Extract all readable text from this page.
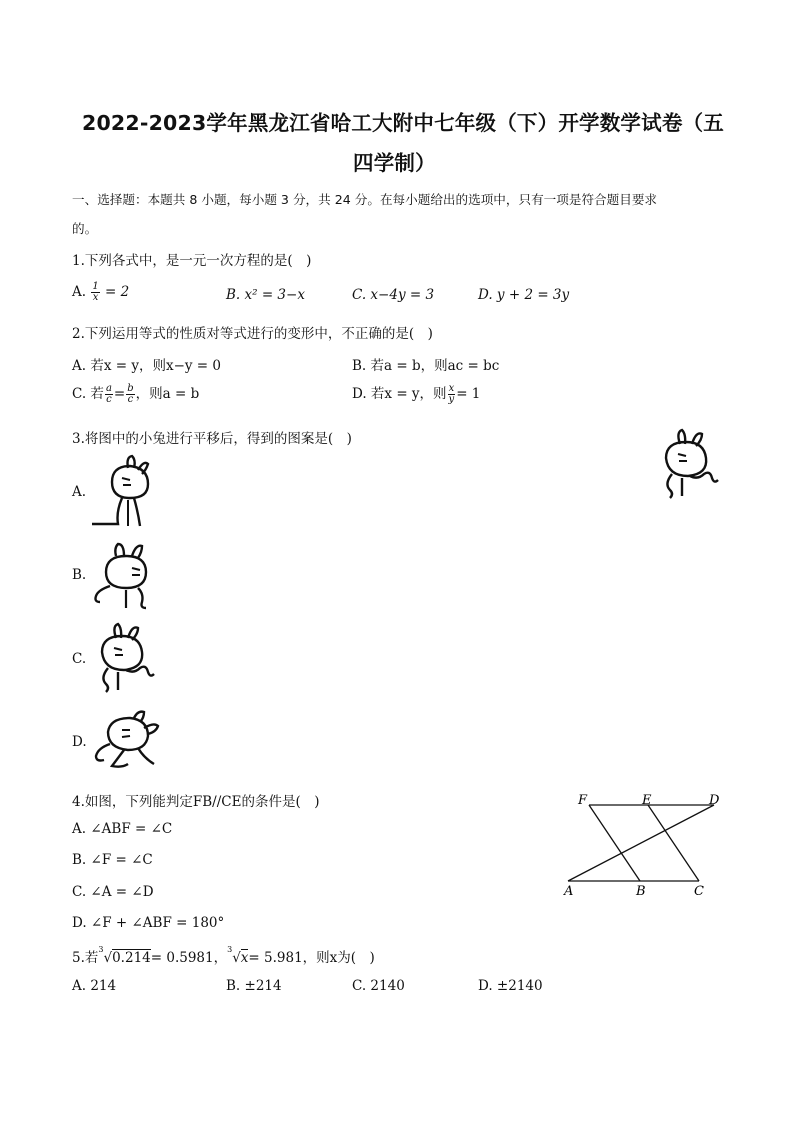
2022-2023学年黑龙江省哈工大附中七年级（下）开学数学试卷（五
四学制）
一、选择题：本题共 8 小题，每小题 3 分，共 24 分。在每小题给出的选项中，只有一项是符合题目要求
的。
1.下列各式中，是一元一次方程的是(　)
A. $\frac{1}{x} = 2$	B. x² = 3−x	C. x−4y = 3	D. y + 2 = 3y
2.下列运用等式的性质对等式进行的变形中，不正确的是(　)
A. 若x = y，则x−y = 0	B. 若a = b，则ac = bc
C. 若 $\frac{a}{c} = \frac{b}{c}$ ，则a = b	D. 若x = y，则 $\frac{x}{y} = 1$
3.将图中的小兔进行平移后，得到的图案是(　)
A.
B.
C.
D.
4.如图，下列能判定FB//CE的条件是(　)
A. ∠ABF = ∠C
B. ∠F = ∠C
C. ∠A = ∠D
D. ∠F + ∠ABF = 180°
F	E	D
A	B	C
5.若$^3$√0.214= 0.5981，$^3$√x= 5.981，则x为(　)
A. 214	B. ±214	C. 2140	D. ±2140
